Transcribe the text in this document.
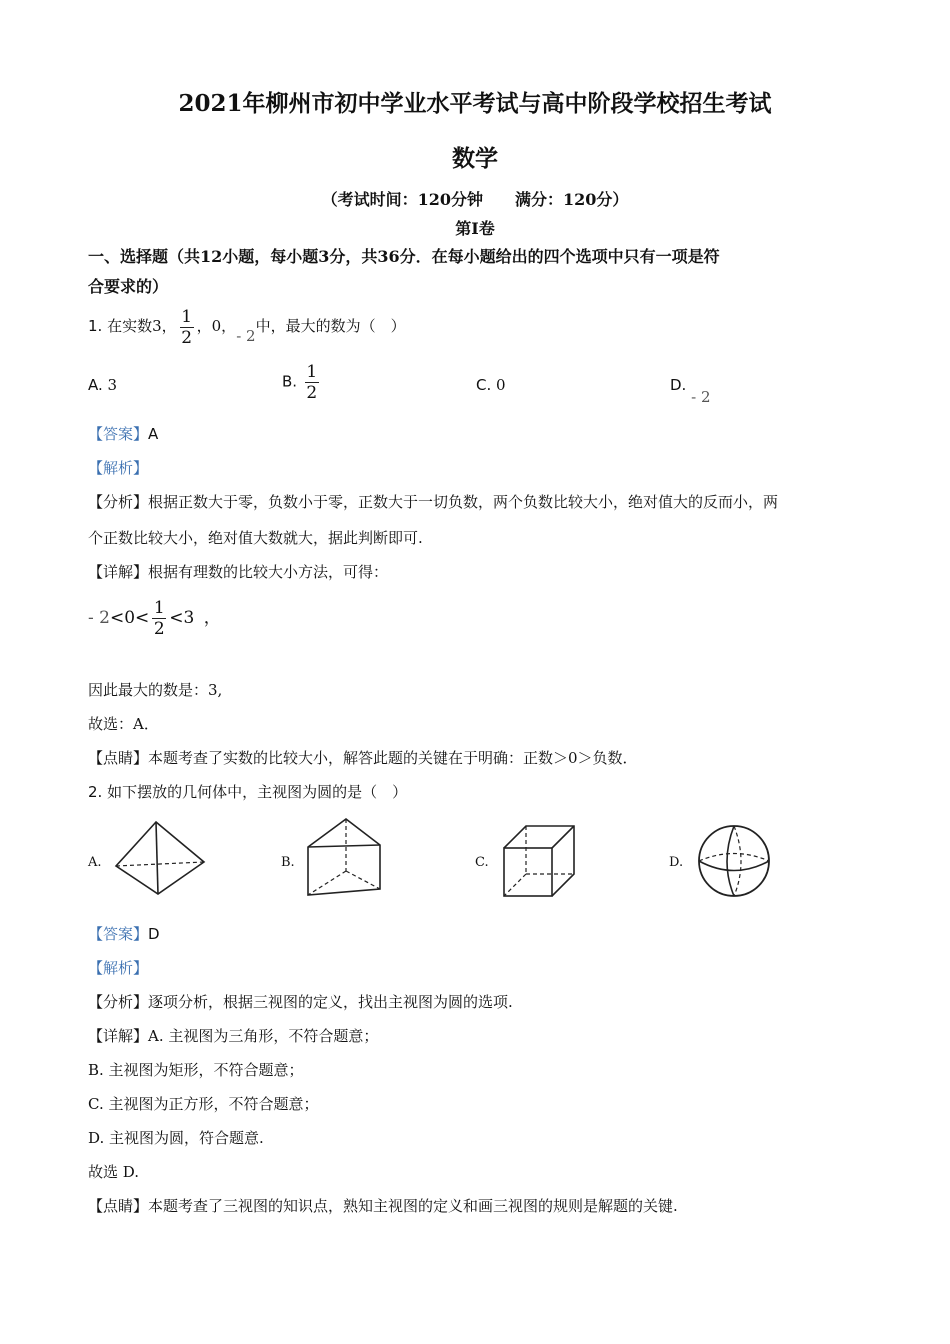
2021年柳州市初中学业水平考试与高中阶段学校招生考试
数学
（考试时间：120分钟　　满分：120分）
第Ⅰ卷
一、选择题（共12小题，每小题3分，共36分．在每小题给出的四个选项中只有一项是符
合要求的）
1. 在实数3， $\frac{1}{2}$ ，0，- 2中，最大的数为（　）
A. 3	B. $\frac{1}{2}$	C. 0	D. - 2
【答案】A
【解析】
【分析】根据正数大于零，负数小于零，正数大于一切负数，两个负数比较大小，绝对值大的反而小，两
个正数比较大小，绝对值大数就大，据此判断即可.
【详解】根据有理数的比较大小方法，可得：
- $2<0< \frac{1}{2} <3$ ，
因此最大的数是：3,
故选：A．
【点睛】本题考查了实数的比较大小，解答此题的关键在于明确：正数＞0＞负数．
2. 如下摆放的几何体中，主视图为圆的是（　）
A.	B.	C.	D.
【答案】D
【解析】
【分析】逐项分析，根据三视图的定义，找出主视图为圆的选项.
【详解】A. 主视图为三角形，不符合题意；
B. 主视图为矩形，不符合题意；
C. 主视图为正方形，不符合题意；
D. 主视图为圆，符合题意.
故选 D.
【点睛】本题考查了三视图的知识点，熟知主视图的定义和画三视图的规则是解题的关键.
